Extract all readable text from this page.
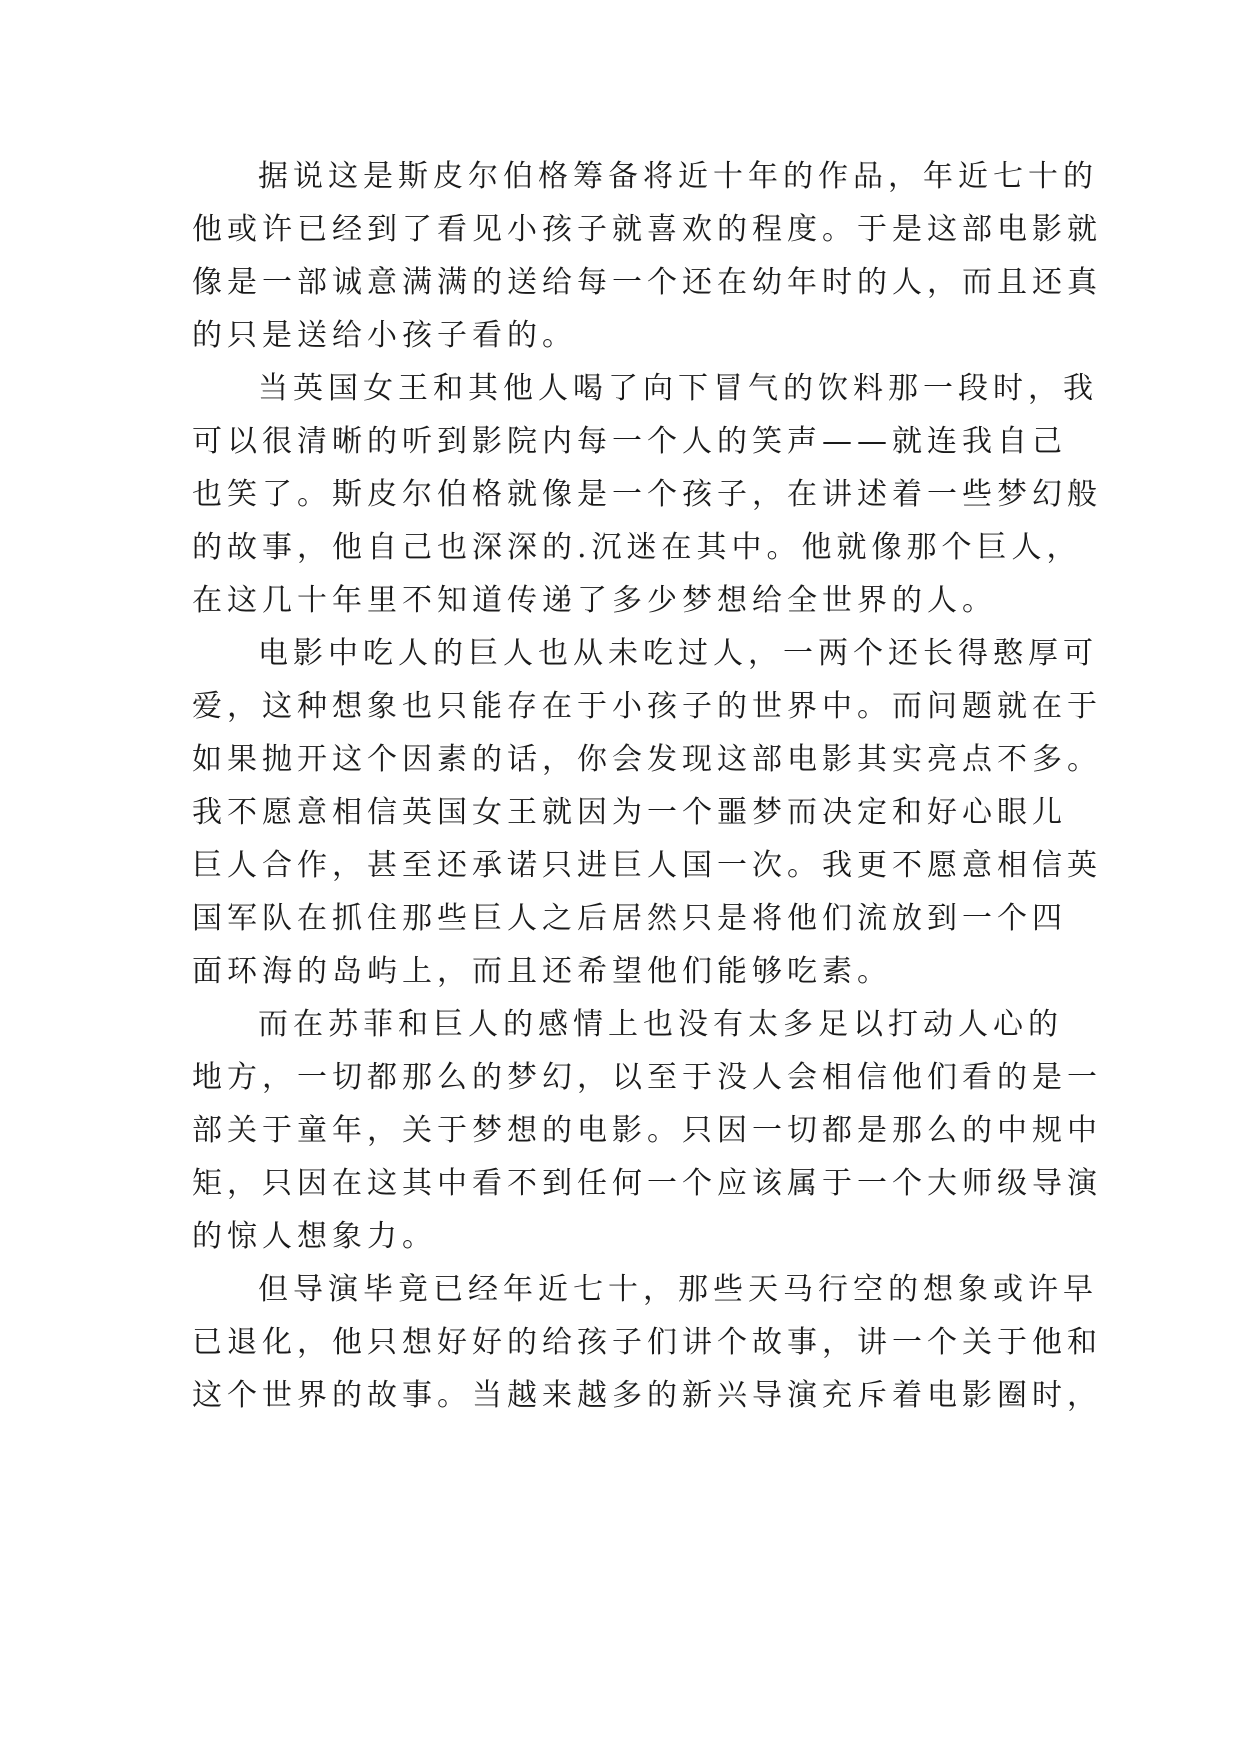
据说这是斯皮尔伯格筹备将近十年的作品，年近七十的
他或许已经到了看见小孩子就喜欢的程度。于是这部电影就
像是一部诚意满满的送给每一个还在幼年时的人，而且还真
的只是送给小孩子看的。
当英国女王和其他人喝了向下冒气的饮料那一段时，我
可以很清晰的听到影院内每一个人的笑声——就连我自己
也笑了。斯皮尔伯格就像是一个孩子，在讲述着一些梦幻般
的故事，他自己也深深的.沉迷在其中。他就像那个巨人，
在这几十年里不知道传递了多少梦想给全世界的人。
电影中吃人的巨人也从未吃过人，一两个还长得憨厚可
爱，这种想象也只能存在于小孩子的世界中。而问题就在于
如果抛开这个因素的话，你会发现这部电影其实亮点不多。
我不愿意相信英国女王就因为一个噩梦而决定和好心眼儿
巨人合作，甚至还承诺只进巨人国一次。我更不愿意相信英
国军队在抓住那些巨人之后居然只是将他们流放到一个四
面环海的岛屿上，而且还希望他们能够吃素。
而在苏菲和巨人的感情上也没有太多足以打动人心的
地方，一切都那么的梦幻，以至于没人会相信他们看的是一
部关于童年，关于梦想的电影。只因一切都是那么的中规中
矩，只因在这其中看不到任何一个应该属于一个大师级导演
的惊人想象力。
但导演毕竟已经年近七十，那些天马行空的想象或许早
已退化，他只想好好的给孩子们讲个故事，讲一个关于他和
这个世界的故事。当越来越多的新兴导演充斥着电影圈时，
